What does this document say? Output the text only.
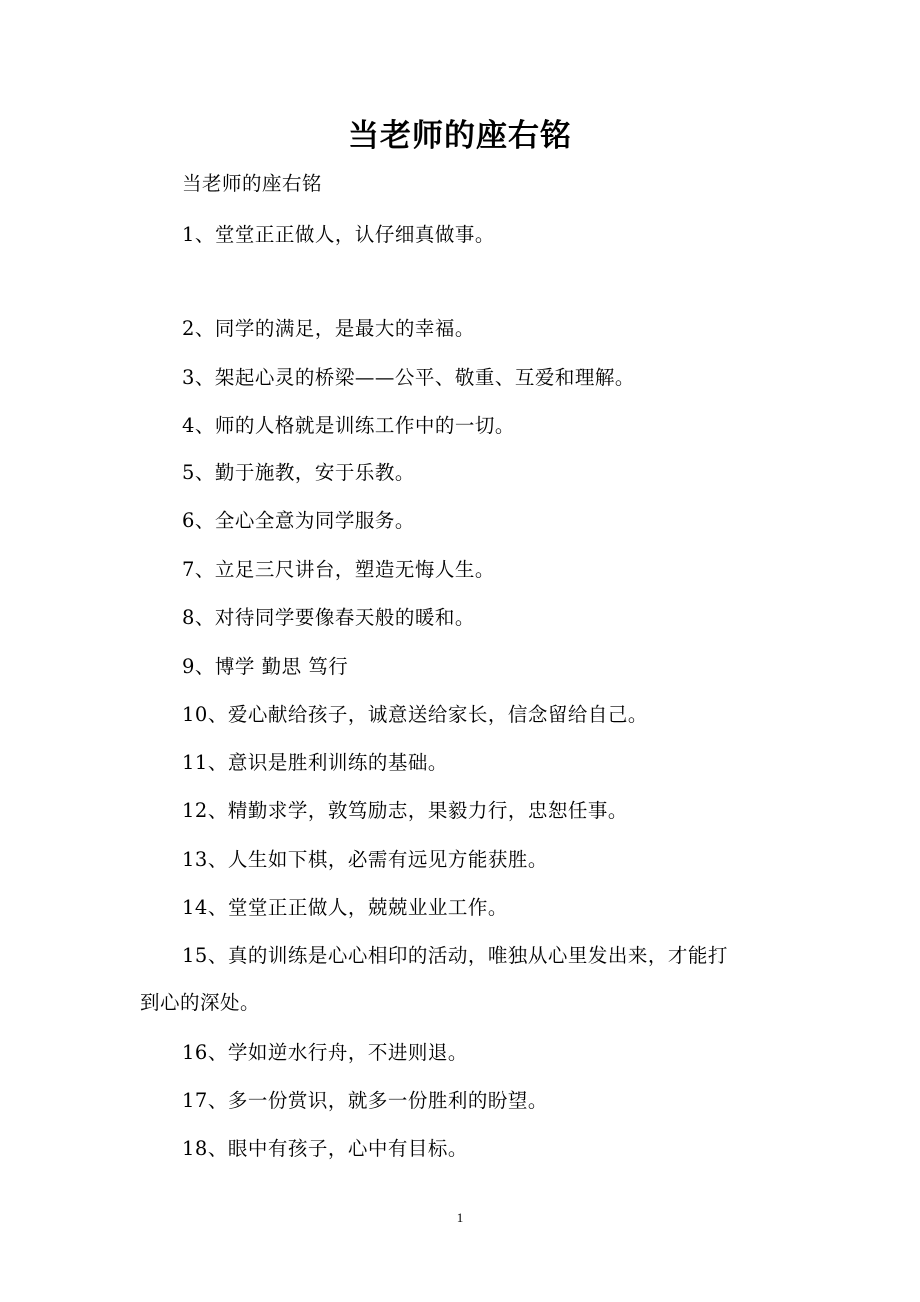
当老师的座右铭
当老师的座右铭
1、堂堂正正做人，认仔细真做事。
2、同学的满足，是最大的幸福。
3、架起心灵的桥梁——公平、敬重、互爱和理解。
4、师的人格就是训练工作中的一切。
5、勤于施教，安于乐教。
6、全心全意为同学服务。
7、立足三尺讲台，塑造无悔人生。
8、对待同学要像春天般的暖和。
9、博学 勤思 笃行
10、爱心献给孩子，诚意送给家长，信念留给自己。
11、意识是胜利训练的基础。
12、精勤求学，敦笃励志，果毅力行，忠恕任事。
13、人生如下棋，必需有远见方能获胜。
14、堂堂正正做人，兢兢业业工作。
15、真的训练是心心相印的活动，唯独从心里发出来，才能打
到心的深处。
16、学如逆水行舟，不进则退。
17、多一份赏识，就多一份胜利的盼望。
18、眼中有孩子，心中有目标。
1
